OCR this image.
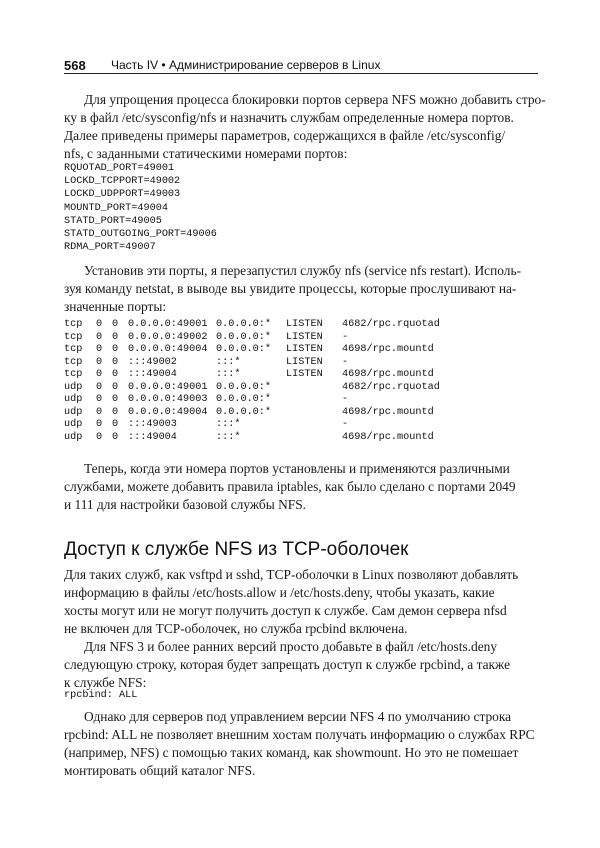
568 Часть IV • Администрирование серверов в Linux
Для упрощения процесса блокировки портов сервера NFS можно добавить стро-
ку в файл /etc/sysconfig/nfs и назначить службам определенные номера портов.
Далее приведены примеры параметров, содержащихся в файле /etc/sysconfig/
nfs, с заданными статическими номерами портов:
RQUOTAD_PORT=49001
LOCKD_TCPPORT=49002
LOCKD_UDPPORT=49003
MOUNTD_PORT=49004
STATD_PORT=49005
STATD_OUTGOING_PORT=49006
RDMA_PORT=49007
Установив эти порты, я перезапустил службу nfs (service nfs restart). Исполь-
зуя команду netstat, в выводе вы увидите процессы, которые прослушивают на-
значенные порты:
tcp 0 0 0.0.0.0:49001 0.0.0.0:* LISTEN 4682/rpc.rquotad
tcp 0 0 0.0.0.0:49002 0.0.0.0:* LISTEN -
tcp 0 0 0.0.0.0:49004 0.0.0.0:* LISTEN 4698/rpc.mountd
tcp 0 0 :::49002	:::*	LISTEN -
tcp 0 0 :::49004	:::*	LISTEN 4698/rpc.mountd
udp 0 0 0.0.0.0:49001 0.0.0.0:*	4682/rpc.rquotad
udp 0 0 0.0.0.0:49003 0.0.0.0:*	-
udp 0 0 0.0.0.0:49004 0.0.0.0:*	4698/rpc.mountd
udp 0 0 :::49003	:::*	-
udp 0 0 :::49004	:::*	4698/rpc.mountd
Теперь, когда эти номера портов установлены и применяются различными
службами, можете добавить правила iptables, как было сделано с портами 2049
и 111 для настройки базовой службы NFS.
Доступ к службе NFS из TCP-оболочек
Для таких служб, как vsftpd и sshd, TCP-оболочки в Linux позволяют добавлять
информацию в файлы /etc/hosts.allow и /etc/hosts.deny, чтобы указать, какие
хосты могут или не могут получить доступ к службе. Сам демон сервера nfsd
не включен для TCP-оболочек, но служба rpcbind включена.
Для NFS 3 и более ранних версий просто добавьте в файл /etc/hosts.deny
следующую строку, которая будет запрещать доступ к службе rpcbind, а также
к службе NFS:
rpcbind: ALL
Однако для серверов под управлением версии NFS 4 по умолчанию строка
rpcbind: ALL не позволяет внешним хостам получать информацию о службах RPC
(например, NFS) с помощью таких команд, как showmount. Но это не помешает
монтировать общий каталог NFS.
